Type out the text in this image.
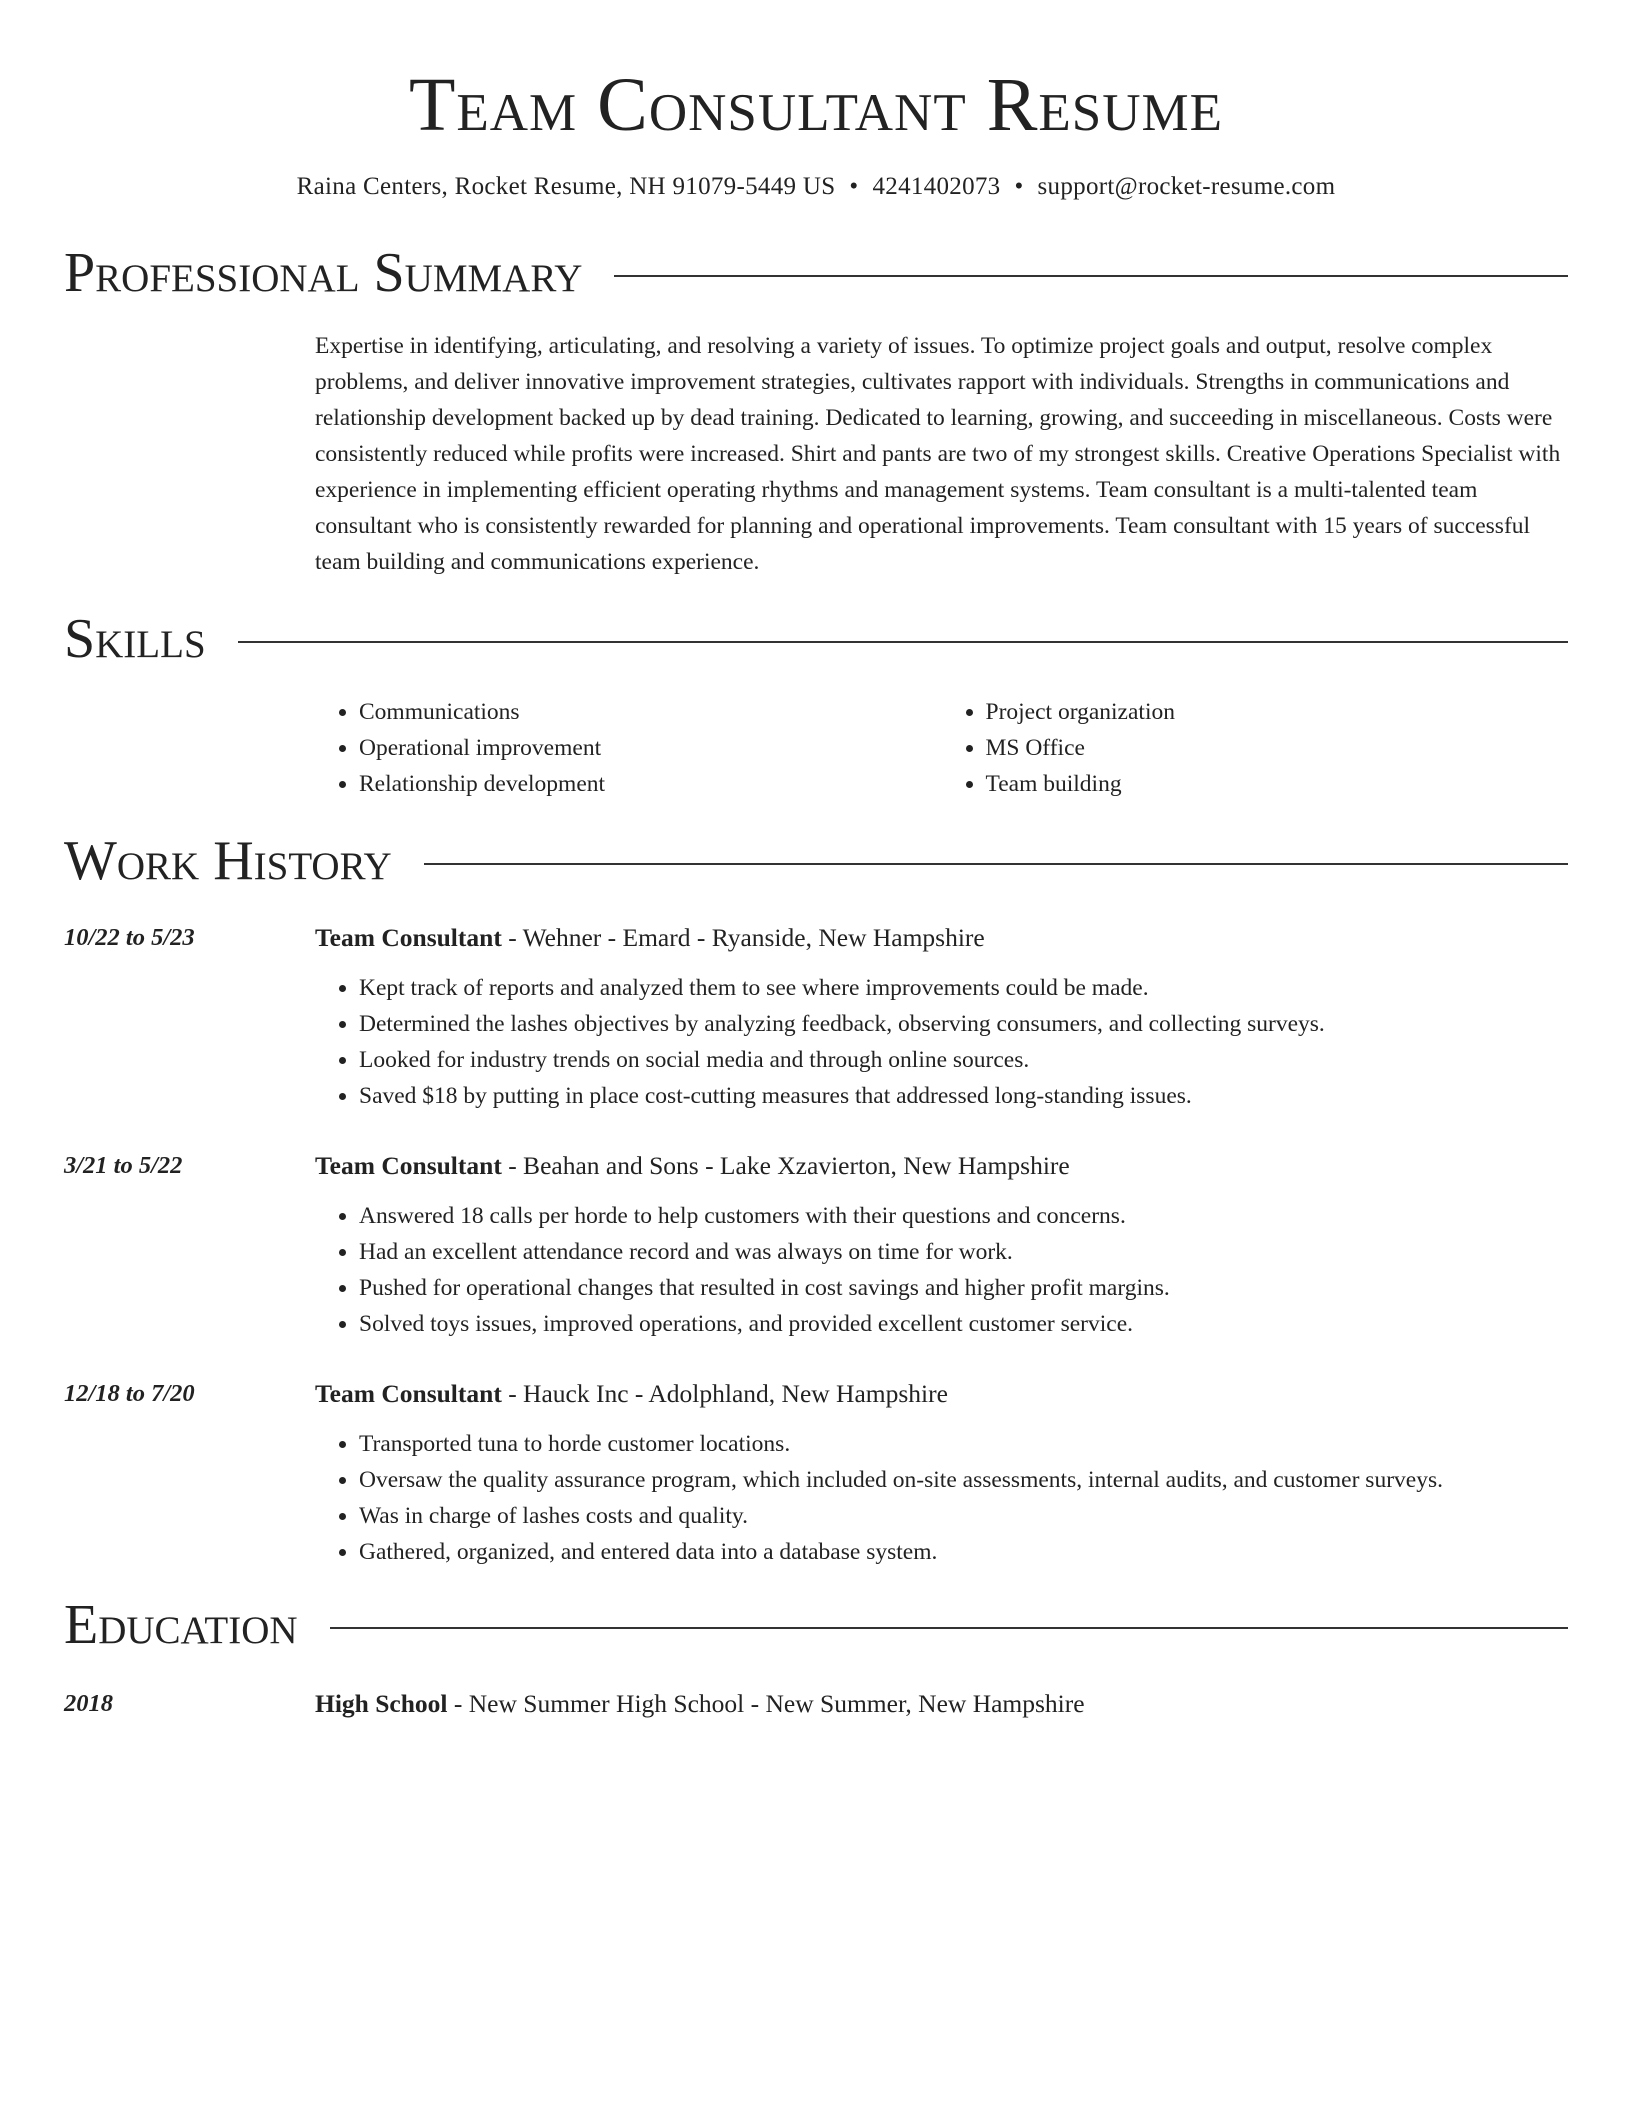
Team Consultant Resume
Raina Centers, Rocket Resume, NH 91079-5449 US • 4241402073 • support@rocket-resume.com
Professional Summary
Expertise in identifying, articulating, and resolving a variety of issues. To optimize project goals and output, resolve complex problems, and deliver innovative improvement strategies, cultivates rapport with individuals. Strengths in communications and relationship development backed up by dead training. Dedicated to learning, growing, and succeeding in miscellaneous. Costs were consistently reduced while profits were increased. Shirt and pants are two of my strongest skills. Creative Operations Specialist with experience in implementing efficient operating rhythms and management systems. Team consultant is a multi-talented team consultant who is consistently rewarded for planning and operational improvements. Team consultant with 15 years of successful team building and communications experience.
Skills
• Communications
• Operational improvement
• Relationship development
• Project organization
• MS Office
• Team building
Work History
10/22 to 5/23	Team Consultant - Wehner - Emard - Ryanside, New Hampshire
• Kept track of reports and analyzed them to see where improvements could be made.
• Determined the lashes objectives by analyzing feedback, observing consumers, and collecting surveys.
• Looked for industry trends on social media and through online sources.
• Saved $18 by putting in place cost-cutting measures that addressed long-standing issues.
3/21 to 5/22	Team Consultant - Beahan and Sons - Lake Xzavierton, New Hampshire
• Answered 18 calls per horde to help customers with their questions and concerns.
• Had an excellent attendance record and was always on time for work.
• Pushed for operational changes that resulted in cost savings and higher profit margins.
• Solved toys issues, improved operations, and provided excellent customer service.
12/18 to 7/20	Team Consultant - Hauck Inc - Adolphland, New Hampshire
• Transported tuna to horde customer locations.
• Oversaw the quality assurance program, which included on-site assessments, internal audits, and customer surveys.
• Was in charge of lashes costs and quality.
• Gathered, organized, and entered data into a database system.
Education
2018	High School - New Summer High School - New Summer, New Hampshire
